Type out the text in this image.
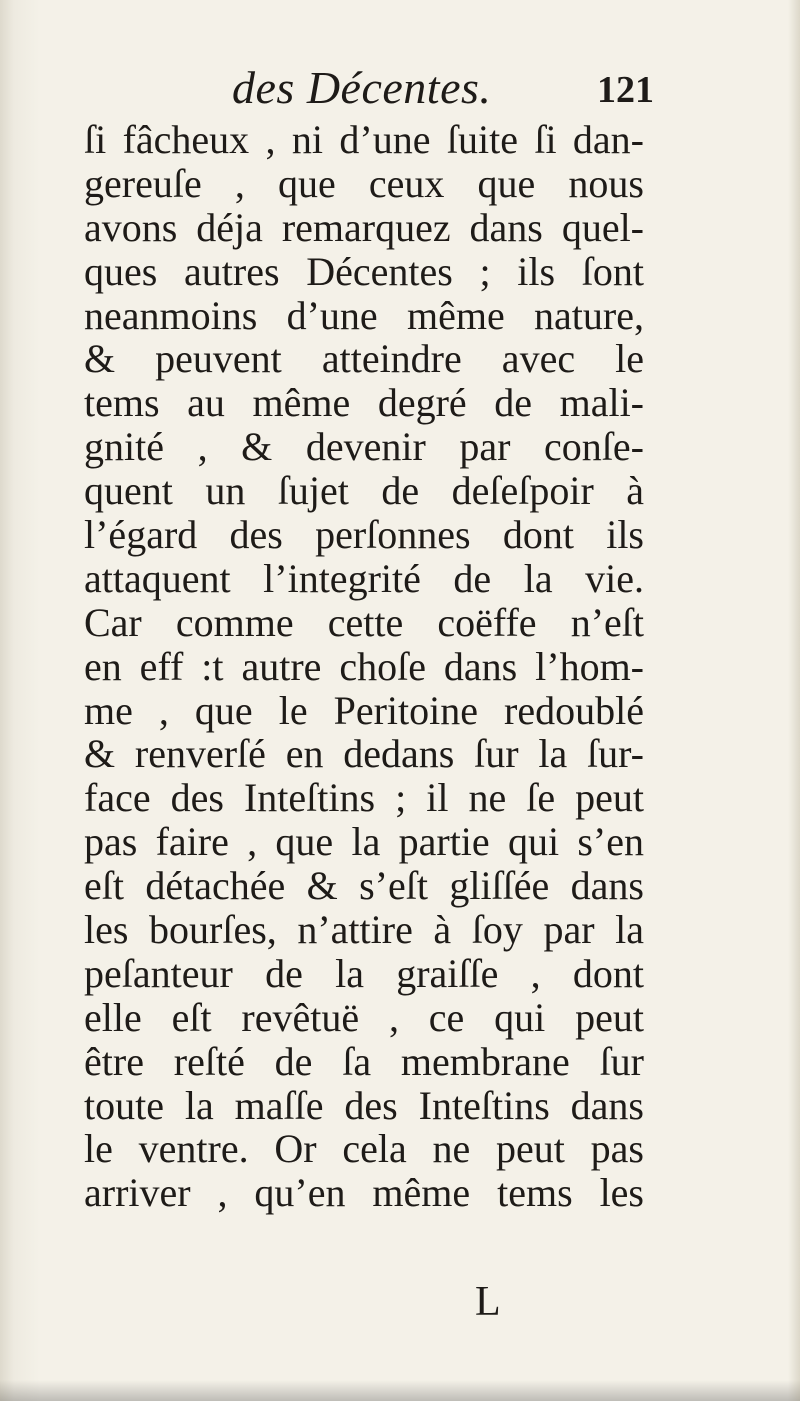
des Décentes.	121
ſi fâcheux , ni d’une ſuite ſi dan-
gereuſe , que ceux que nous
avons déja remarquez dans quel-
ques autres Décentes ; ils ſont
neanmoins d’une même nature,
& peuvent atteindre avec le
tems au même degré de mali-
gnité , & devenir par conſe-
quent un ſujet de deſeſpoir à
l’égard des perſonnes dont ils
attaquent l’integrité de la vie.
Car comme cette coëffe n’eſt
en eff :t autre choſe dans l’hom-
me , que le Peritoine redoublé
& renverſé en dedans ſur la ſur-
face des Inteſtins ; il ne ſe peut
pas faire , que la partie qui s’en
eſt détachée & s’eſt gliſſée dans
les bourſes, n’attire à ſoy par la
peſanteur de la graiſſe , dont
elle eſt revêtuë , ce qui peut
être reſté de ſa membrane ſur
toute la maſſe des Inteſtins dans
le ventre. Or cela ne peut pas
arriver , qu’en même tems les
L
